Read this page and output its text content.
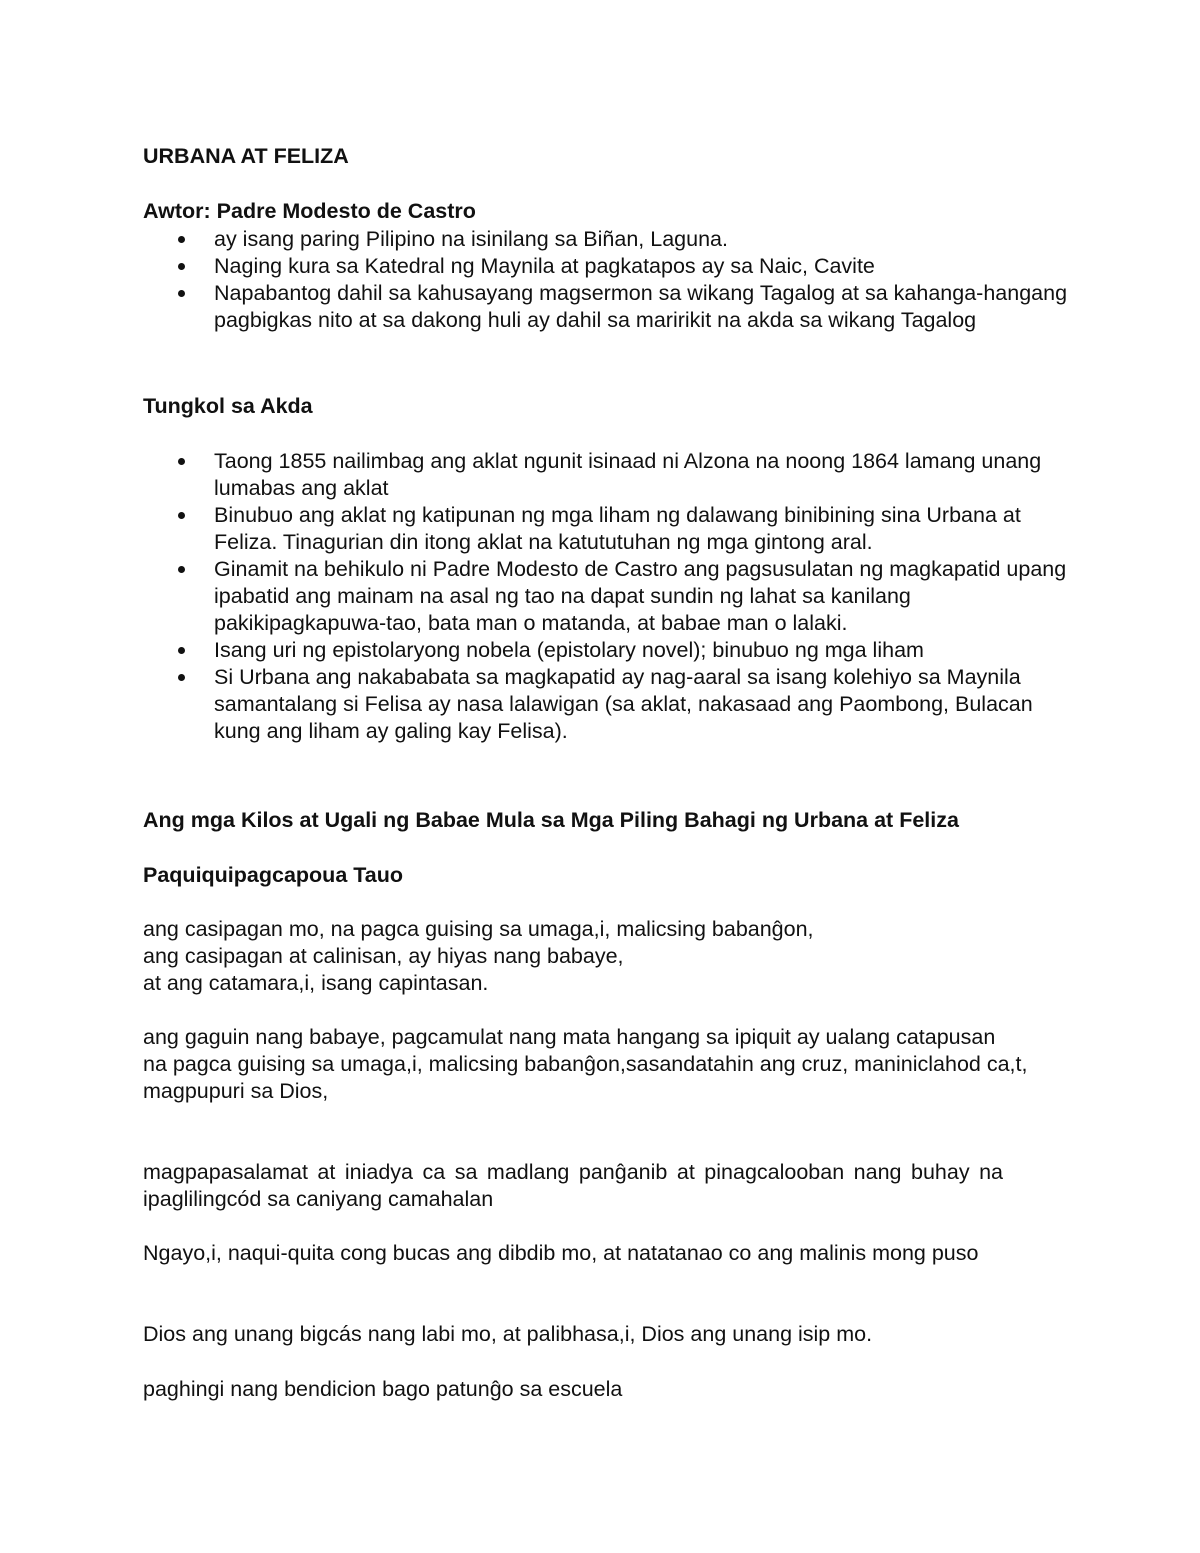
URBANA AT FELIZA
Awtor: Padre Modesto de Castro
ay isang paring Pilipino na isinilang sa Biñan, Laguna.
Naging kura sa Katedral ng Maynila at pagkatapos ay sa Naic, Cavite
Napabantog dahil sa kahusayang magsermon sa wikang Tagalog at sa kahanga-hangang pagbigkas nito at sa dakong huli ay dahil sa maririkit na akda sa wikang Tagalog
Tungkol sa Akda
Taong 1855 nailimbag ang aklat ngunit isinaad ni Alzona na noong 1864 lamang unang lumabas ang aklat
Binubuo ang aklat ng katipunan ng mga liham ng dalawang binibining sina Urbana at Feliza. Tinagurian din itong aklat na katututuhan ng mga gintong aral.
Ginamit na behikulo ni Padre Modesto de Castro ang pagsusulatan ng magkapatid upang ipabatid ang mainam na asal ng tao na dapat sundin ng lahat sa kanilang pakikipagkapuwa-tao, bata man o matanda, at babae man o lalaki.
Isang uri ng epistolaryong nobela (epistolary novel); binubuo ng mga liham
Si Urbana ang nakababata sa magkapatid ay nag-aaral sa isang kolehiyo sa Maynila samantalang si Felisa ay nasa lalawigan (sa aklat, nakasaad ang Paombong, Bulacan kung ang liham ay galing kay Felisa).
Ang mga Kilos at Ugali ng Babae Mula sa Mga Piling Bahagi ng Urbana at Feliza
Paquiquipagcapoua Tauo
ang casipagan mo, na pagca guising sa umaga,i, malicsing babanĝon,
ang casipagan at calinisan, ay hiyas nang babaye,
at ang catamara,i, isang capintasan.
ang gaguin nang babaye, pagcamulat nang mata hangang sa ipiquit ay ualang catapusan
na pagca guising sa umaga,i, malicsing babanĝon,sasandatahin ang cruz, maniniclahod ca,t, magpupuri sa Dios,
magpapasalamat at iniadya ca sa madlang panĝanib at pinagcalooban nang buhay na ipaglilingcód sa caniyang camahalan
Ngayo,i, naqui-quita cong bucas ang dibdib mo, at natatanao co ang malinis mong puso
Dios ang unang bigcás nang labi mo, at palibhasa,i, Dios ang unang isip mo.
paghingi nang bendicion bago patunĝo sa escuela
